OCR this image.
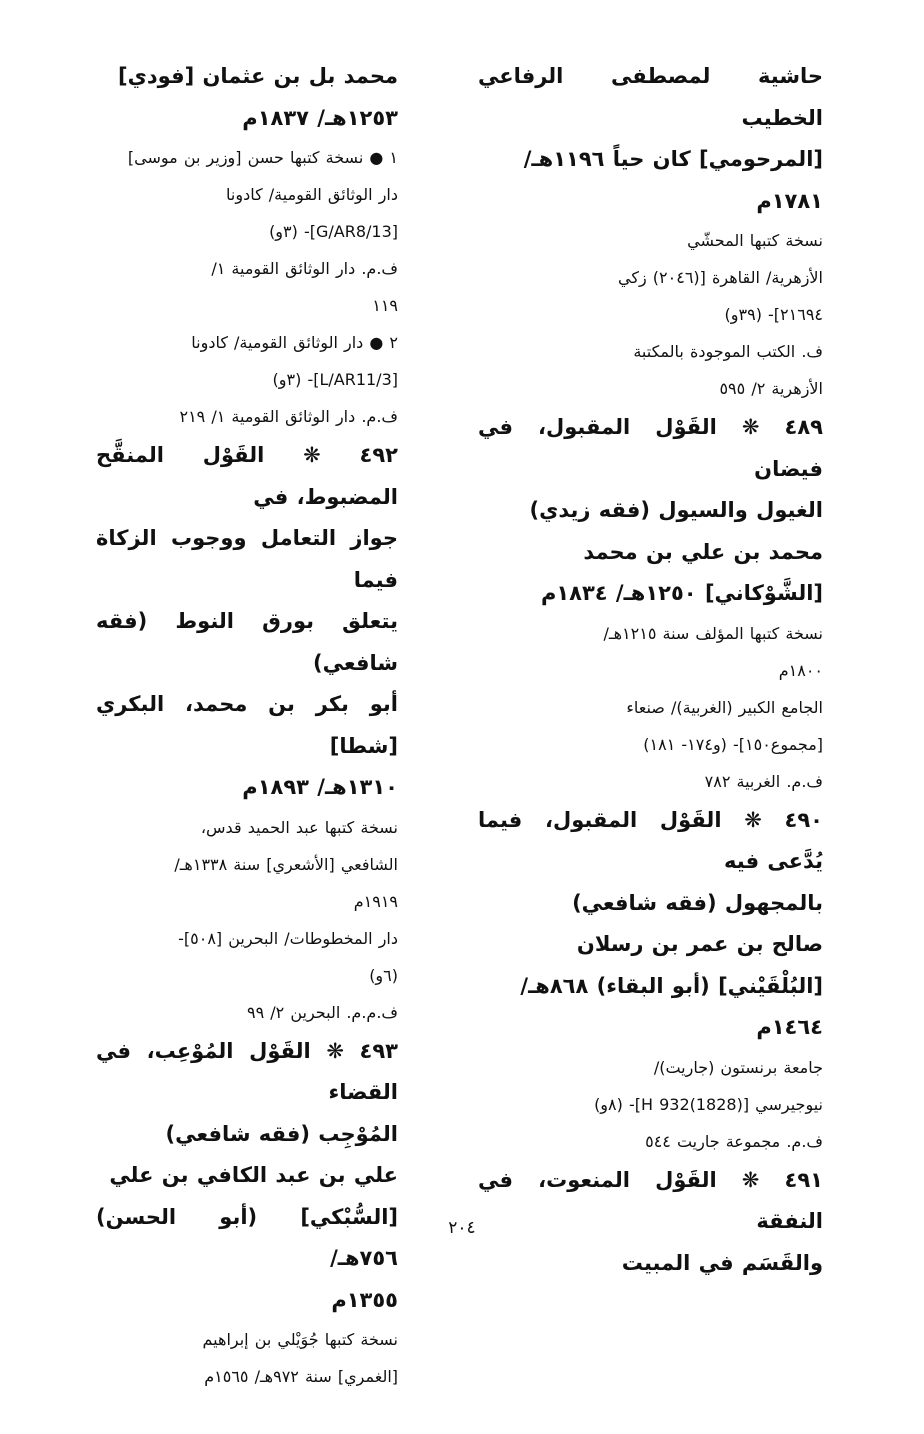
حاشية لمصطفى الرفاعي الخطيب
[المرحومي] كان حياً ١١٩٦هـ/
١٧٨١م
نسخة كتبها المحشّي
الأزهرية/ القاهرة [(٢٠٤٦) زكي
٢١٦٩٤]- (٣٩و)
ف. الكتب الموجودة بالمكتبة
الأزهرية ٢/ ٥٩٥
٤٨٩ ❋ القَوْل المقبول، في فيضان
الغيول والسيول (فقه زيدي)
محمد بن علي بن محمد
[الشَّوْكاني] ١٢٥٠هـ/ ١٨٣٤م
نسخة كتبها المؤلف سنة ١٢١٥هـ/
١٨٠٠م
الجامع الكبير (الغربية)/ صنعاء
[مجموع١٥٠]- (و١٧٤- ١٨١)
ف.م. الغربية ٧٨٢
٤٩٠ ❋ القَوْل المقبول، فيما يُدَّعى فيه
بالمجهول (فقه شافعي)
صالح بن عمر بن رسلان
[البُلْقَيْني] (أبو البقاء) ٨٦٨هـ/
١٤٦٤م
جامعة برنستون (جاريت)/
نيوجيرسي [H 932(1828)]- (٨و)
ف.م. مجموعة جاريت ٥٤٤
٤٩١ ❋ القَوْل المنعوت، في النفقة
والقَسَم في المبيت
محمد بل بن عثمان [فودي]
١٢٥٣هـ/ ١٨٣٧م
١ ● نسخة كتبها حسن [وزير بن موسى]
دار الوثائق القومية/ كادونا
[G/AR8/13]- (٣و)
ف.م. دار الوثائق القومية ١/
١١٩
٢ ● دار الوثائق القومية/ كادونا
[L/AR11/3]- (٣و)
ف.م. دار الوثائق القومية ١/ ٢١٩
٤٩٢ ❋ القَوْل المنقَّح المضبوط، في
جواز التعامل ووجوب الزكاة فيما
يتعلق بورق النوط (فقه شافعي)
أبو بكر بن محمد، البكري [شطا]
١٣١٠هـ/ ١٨٩٣م
نسخة كتبها عبد الحميد قدس،
الشافعي [الأشعري] سنة ١٣٣٨هـ/
١٩١٩م
دار المخطوطات/ البحرين [٥٠٨]-
(٦و)
ف.م.م. البحرين ٢/ ٩٩
٤٩٣ ❋ القَوْل المُوْعِب، في القضاء
المُوْجِب (فقه شافعي)
علي بن عبد الكافي بن علي
[السُّبْكي] (أبو الحسن) ٧٥٦هـ/
١٣٥٥م
نسخة كتبها جُوَيْلي بن إبراهيم
[الغمري] سنة ٩٧٢هـ/ ١٥٦٥م
٢٠٤
